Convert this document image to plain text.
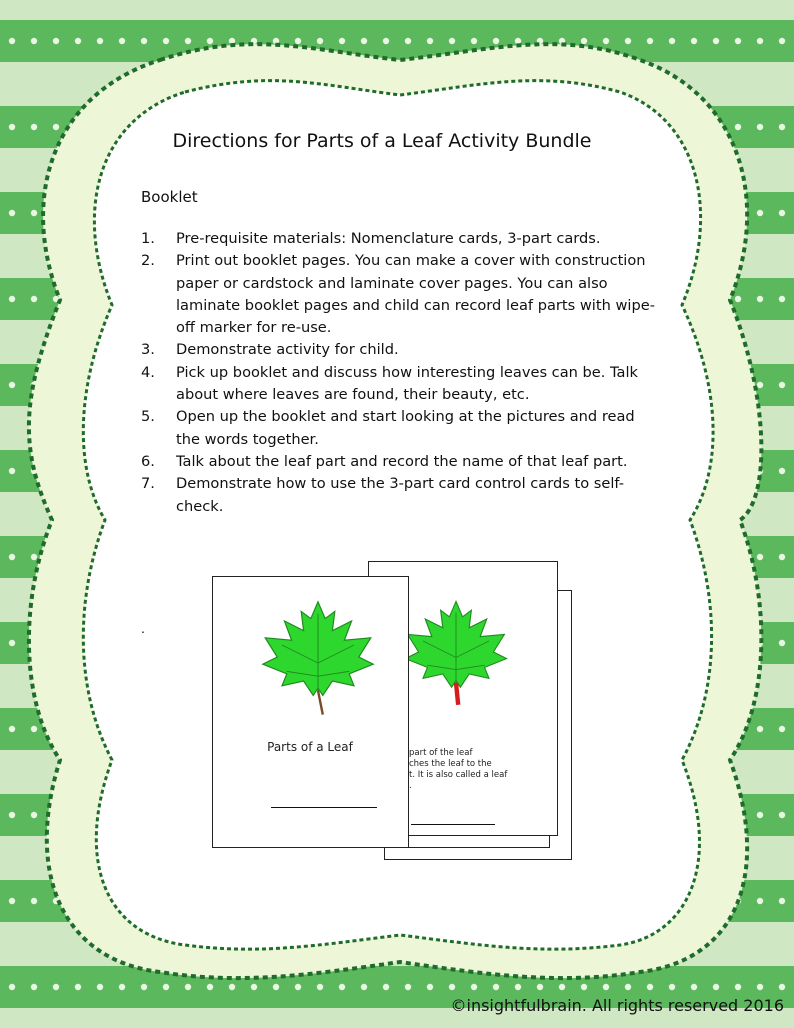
Directions for Parts of a Leaf Activity Bundle
Booklet
1. Pre-requisite materials: Nomenclature cards, 3-part cards.
2. Print out booklet pages. You can make a cover with construction paper or cardstock and laminate cover pages. You can also laminate booklet pages and child can record leaf parts with wipe-off marker for re-use.
3. Demonstrate activity for child.
4. Pick up booklet and discuss how interesting leaves can be. Talk about where leaves are found, their beauty, etc.
5. Open up the booklet and start looking at the pictures and read the words together.
6. Talk about the leaf part and record the name of that leaf part.
7. Demonstrate how to use the 3-part card control cards to self-check.
.
part of the leaf
ches the leaf to the
t. It is also called a leaf
.
Parts of a Leaf
©insightfulbrain. All rights reserved 2016
